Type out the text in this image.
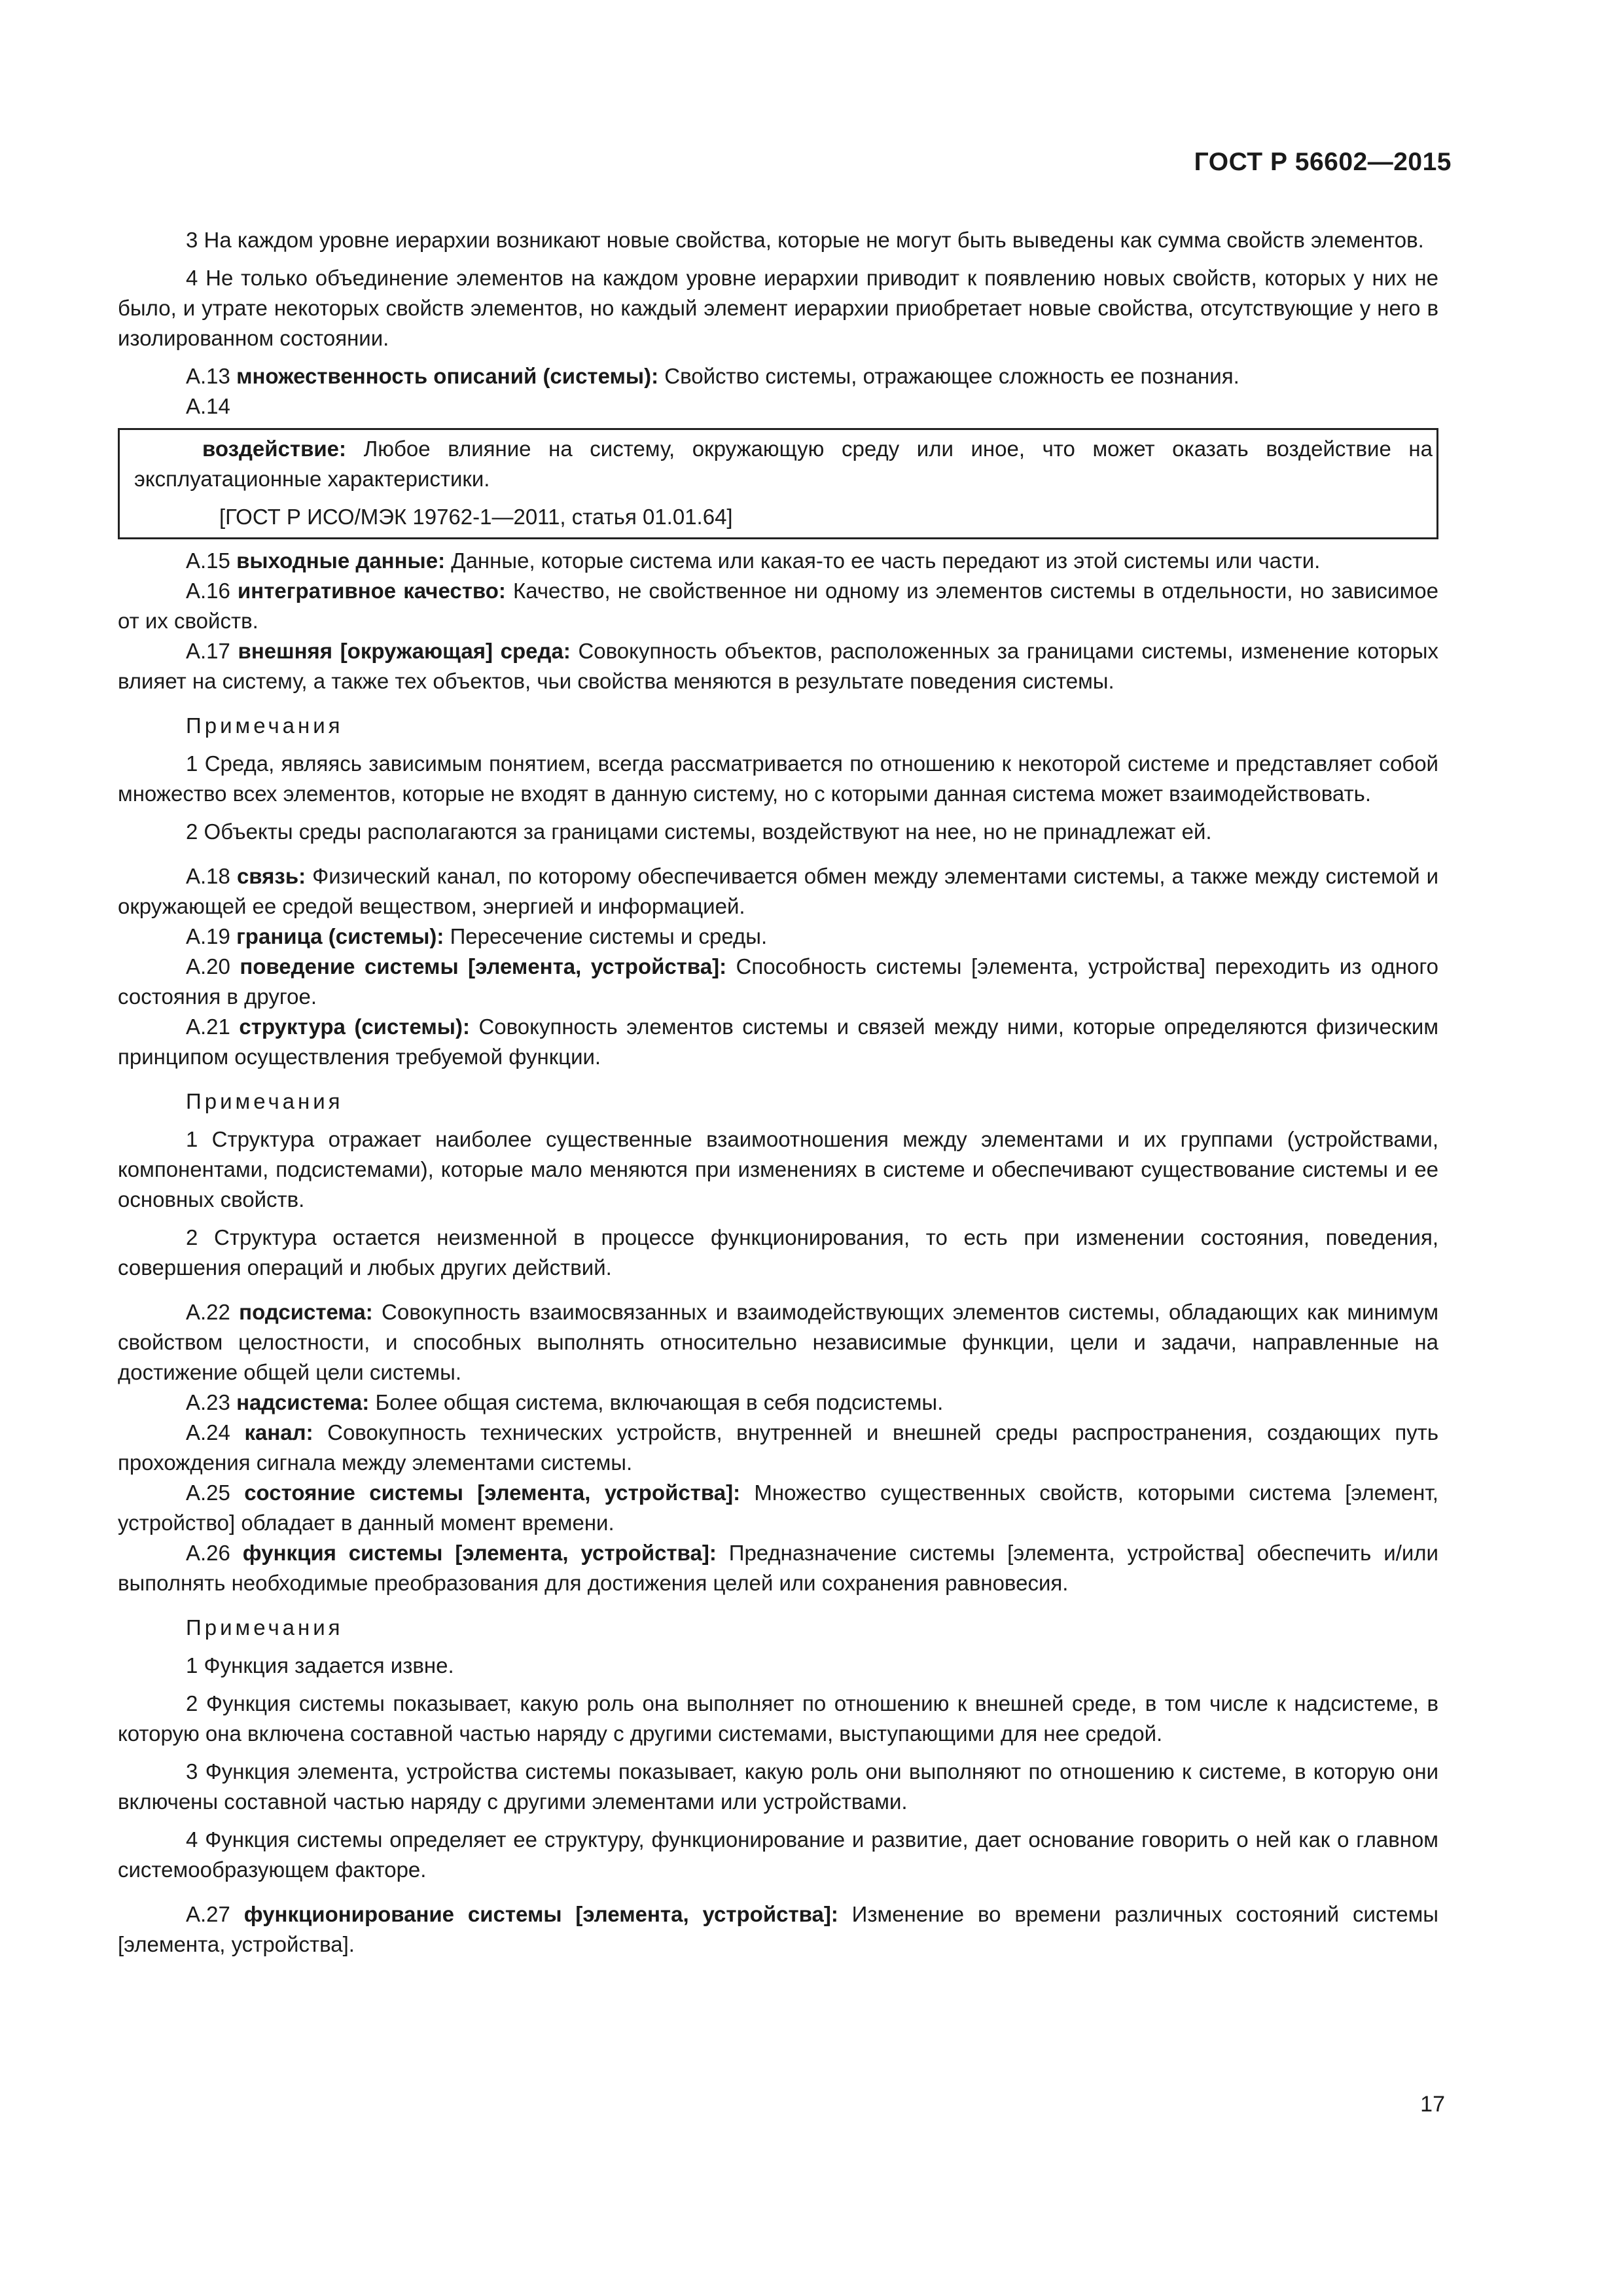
ГОСТ Р 56602—2015

3 На каждом уровне иерархии возникают новые свойства, которые не могут быть выведены как сумма свойств элементов.

4 Не только объединение элементов на каждом уровне иерархии приводит к появлению новых свойств, которых у них не было, и утрате некоторых свойств элементов, но каждый элемент иерархии приобретает новые свойства, отсутствующие у него в изолированном состоянии.

А.13 множественность описаний (системы): Свойство системы, отражающее сложность ее познания.

А.14

воздействие: Любое влияние на систему, окружающую среду или иное, что может оказать воздействие на эксплуатационные характеристики.

[ГОСТ Р ИСО/МЭК 19762-1—2011, статья 01.01.64]

А.15 выходные данные: Данные, которые система или какая-то ее часть передают из этой системы или части.

А.16 интегративное качество: Качество, не свойственное ни одному из элементов системы в отдельности, но зависимое от их свойств.

А.17 внешняя [окружающая] среда: Совокупность объектов, расположенных за границами системы, изменение которых влияет на систему, а также тех объектов, чьи свойства меняются в результате поведения системы.

Примечания

1 Среда, являясь зависимым понятием, всегда рассматривается по отношению к некоторой системе и представляет собой множество всех элементов, которые не входят в данную систему, но с которыми данная система может взаимодействовать.

2 Объекты среды располагаются за границами системы, воздействуют на нее, но не принадлежат ей.

А.18 связь: Физический канал, по которому обеспечивается обмен между элементами системы, а также между системой и окружающей ее средой веществом, энергией и информацией.

А.19 граница (системы): Пересечение системы и среды.

А.20 поведение системы [элемента, устройства]: Способность системы [элемента, устройства] переходить из одного состояния в другое.

А.21 структура (системы): Совокупность элементов системы и связей между ними, которые определяются физическим принципом осуществления требуемой функции.

Примечания

1 Структура отражает наиболее существенные взаимоотношения между элементами и их группами (устройствами, компонентами, подсистемами), которые мало меняются при изменениях в системе и обеспечивают существование системы и ее основных свойств.

2 Структура остается неизменной в процессе функционирования, то есть при изменении состояния, поведения, совершения операций и любых других действий.

А.22 подсистема: Совокупность взаимосвязанных и взаимодействующих элементов системы, обладающих как минимум свойством целостности, и способных выполнять относительно независимые функции, цели и задачи, направленные на достижение общей цели системы.

А.23 надсистема: Более общая система, включающая в себя подсистемы.

А.24 канал: Совокупность технических устройств, внутренней и внешней среды распространения, создающих путь прохождения сигнала между элементами системы.

А.25 состояние системы [элемента, устройства]: Множество существенных свойств, которыми система [элемент, устройство] обладает в данный момент времени.

А.26 функция системы [элемента, устройства]: Предназначение системы [элемента, устройства] обеспечить и/или выполнять необходимые преобразования для достижения целей или сохранения равновесия.

Примечания

1 Функция задается извне.

2 Функция системы показывает, какую роль она выполняет по отношению к внешней среде, в том числе к надсистеме, в которую она включена составной частью наряду с другими системами, выступающими для нее средой.

3 Функция элемента, устройства системы показывает, какую роль они выполняют по отношению к системе, в которую они включены составной частью наряду с другими элементами или устройствами.

4 Функция системы определяет ее структуру, функционирование и развитие, дает основание говорить о ней как о главном системообразующем факторе.

А.27 функционирование системы [элемента, устройства]: Изменение во времени различных состояний системы [элемента, устройства].

17
